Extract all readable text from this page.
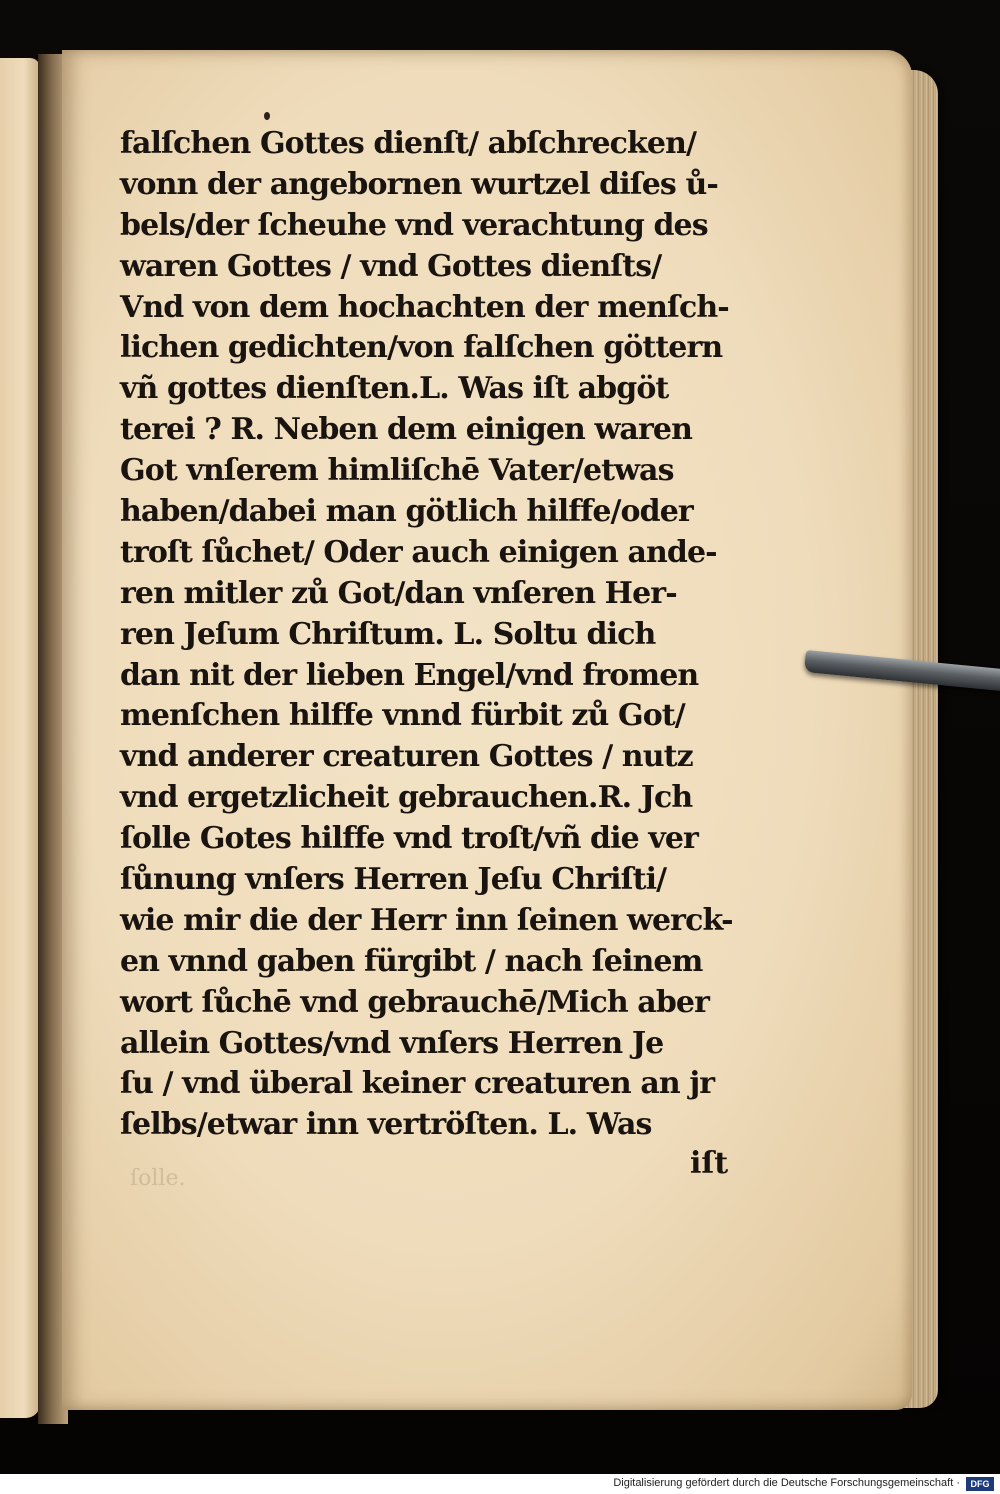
falſchen Gottes dienſt/ abſchrecken/
vonn der angebornen wurtzel diſes ů-
bels/der ſcheuhe vnd verachtung des
waren Gottes / vnd Gottes dienſts/
Vnd von dem hochachten der menſch-
lichen gedichten/von falſchen göttern
vñ gottes dienſten.L. Was iſt abgöt
terei ? R. Neben dem einigen waren
Got vnſerem himliſchē Vater/etwas
haben/dabei man götlich hilffe/oder
troſt ſůchet/ Oder auch einigen ande-
ren mitler zů Got/dan vnſeren Her-
ren Jeſum Chriſtum. L. Soltu dich
dan nit der lieben Engel/vnd fromen
menſchen hilffe vnnd fürbit zů Got/
vnd anderer creaturen Gottes / nutz
vnd ergetzlicheit gebrauchen.R. Jch
ſolle Gotes hilffe vnd troſt/vñ die ver
ſůnung vnſers Herren Jeſu Chriſti/
wie mir die der Herr inn ſeinen werck-
en vnnd gaben fürgibt / nach ſeinem
wort ſůchē vnd gebrauchē/Mich aber
allein Gottes/vnd vnſers Herren Je
ſu / vnd überal keiner creaturen an jr
ſelbs/etwar inn vertröſten. L. Was
iſt
ſolle.
Digitalisierung gefördert durch die Deutsche Forschungsgemeinschaft ·	DFG
